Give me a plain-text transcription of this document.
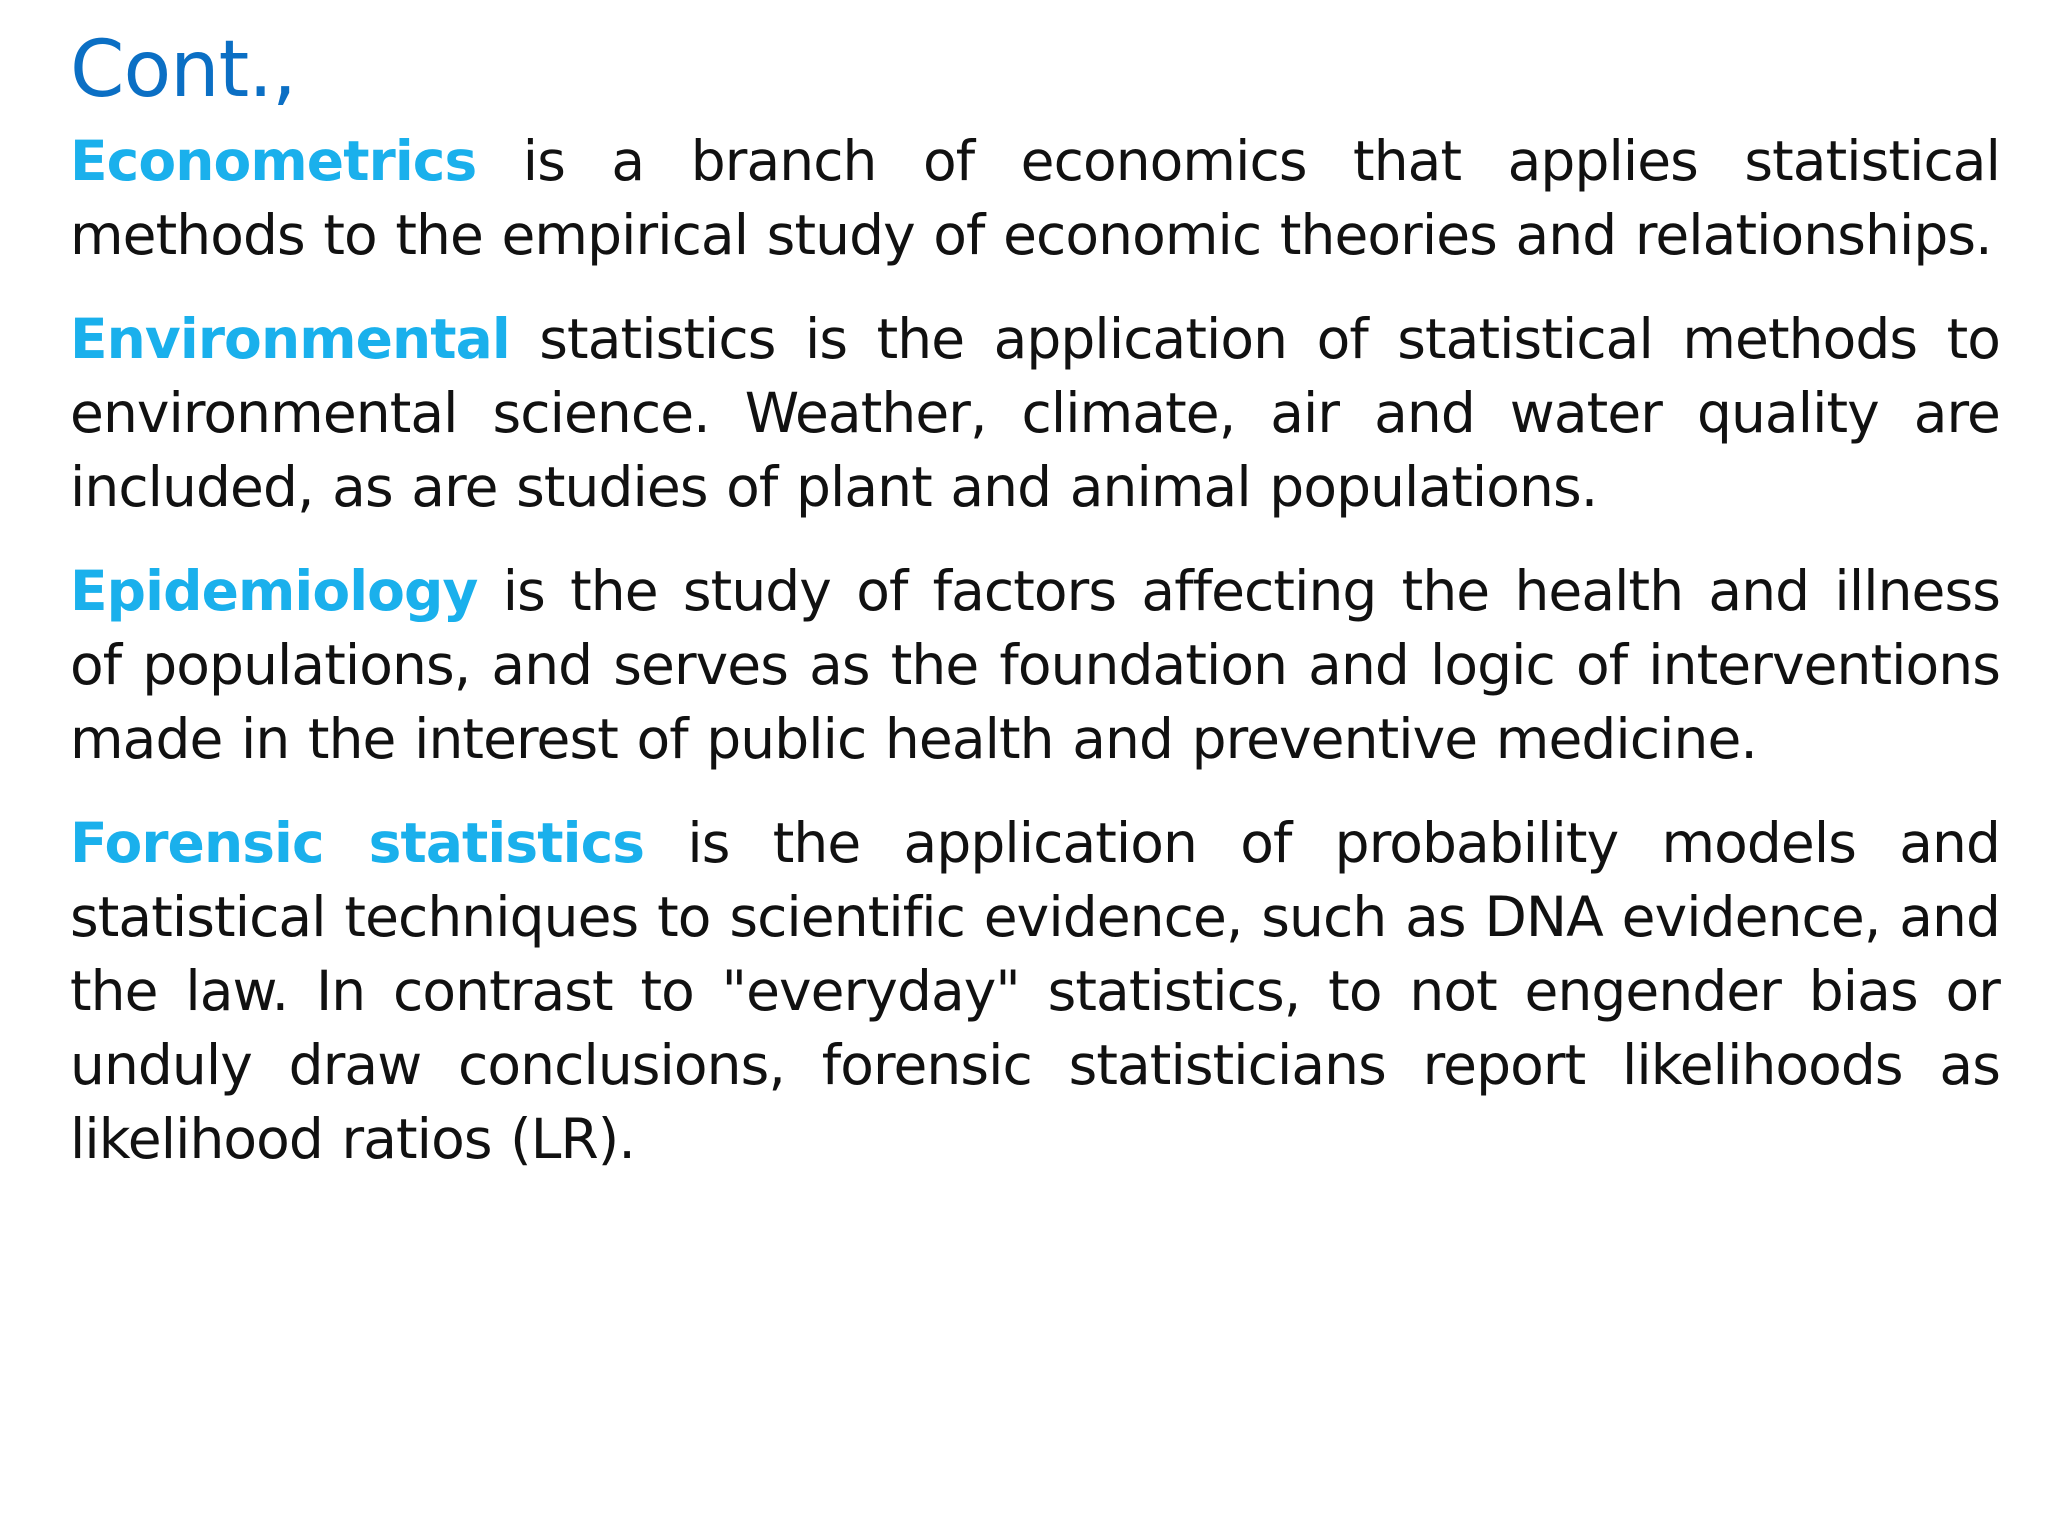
Cont.,

Econometrics is a branch of economics that applies statistical methods to the empirical study of economic theories and relationships.

Environmental statistics is the application of statistical methods to environmental science. Weather, climate, air and water quality are included, as are studies of plant and animal populations.

Epidemiology is the study of factors affecting the health and illness of populations, and serves as the foundation and logic of interventions made in the interest of public health and preventive medicine.

Forensic statistics is the application of probability models and statistical techniques to scientific evidence, such as DNA evidence, and the law. In contrast to "everyday" statistics, to not engender bias or unduly draw conclusions, forensic statisticians report likelihoods as likelihood ratios (LR).
